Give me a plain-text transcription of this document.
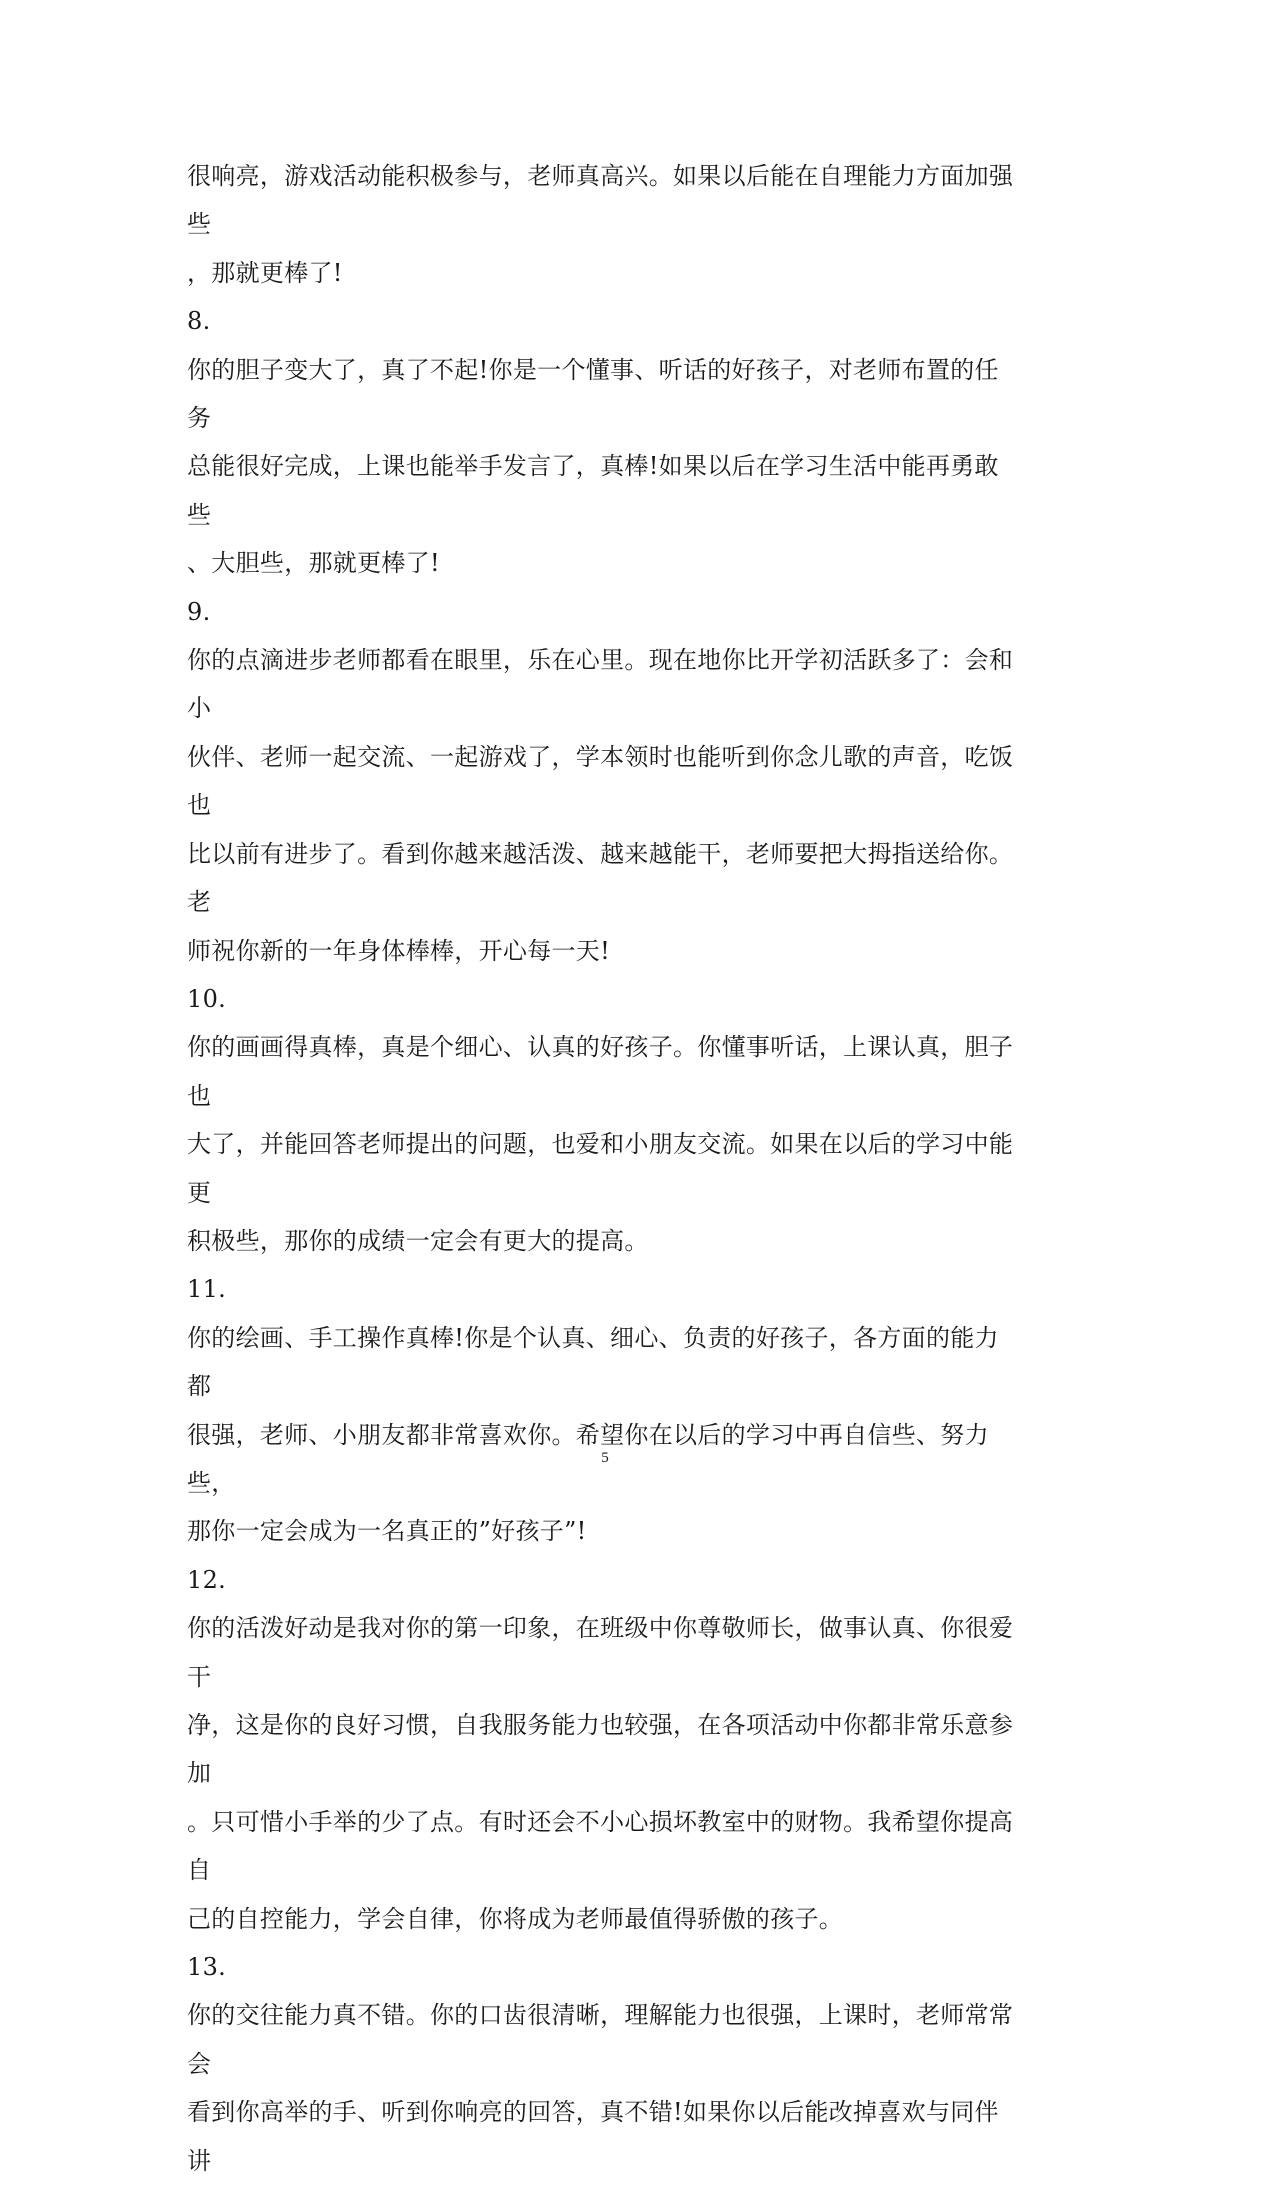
很响亮，游戏活动能积极参与，老师真高兴。如果以后能在自理能力方面加强些

，那就更棒了!

8.

你的胆子变大了，真了不起!你是一个懂事、听话的好孩子，对老师布置的任务

总能很好完成，上课也能举手发言了，真棒!如果以后在学习生活中能再勇敢些

、大胆些，那就更棒了!

9.

你的点滴进步老师都看在眼里，乐在心里。现在地你比开学初活跃多了：会和小

伙伴、老师一起交流、一起游戏了，学本领时也能听到你念儿歌的声音，吃饭也

比以前有进步了。看到你越来越活泼、越来越能干，老师要把大拇指送给你。老

师祝你新的一年身体棒棒，开心每一天!

10.

你的画画得真棒，真是个细心、认真的好孩子。你懂事听话，上课认真，胆子也

大了，并能回答老师提出的问题，也爱和小朋友交流。如果在以后的学习中能更

积极些，那你的成绩一定会有更大的提高。

11.

你的绘画、手工操作真棒!你是个认真、细心、负责的好孩子，各方面的能力都

很强，老师、小朋友都非常喜欢你。希望你在以后的学习中再自信些、努力些，

那你一定会成为一名真正的”好孩子”!

12.

你的活泼好动是我对你的第一印象，在班级中你尊敬师长，做事认真、你很爱干

净，这是你的良好习惯，自我服务能力也较强，在各项活动中你都非常乐意参加

。只可惜小手举的少了点。有时还会不小心损坏教室中的财物。我希望你提高自

己的自控能力，学会自律，你将成为老师最值得骄傲的孩子。

13.

你的交往能力真不错。你的口齿很清晰，理解能力也很强，上课时，老师常常会

看到你高举的手、听到你响亮的回答，真不错!如果你以后能改掉喜欢与同伴讲

5
